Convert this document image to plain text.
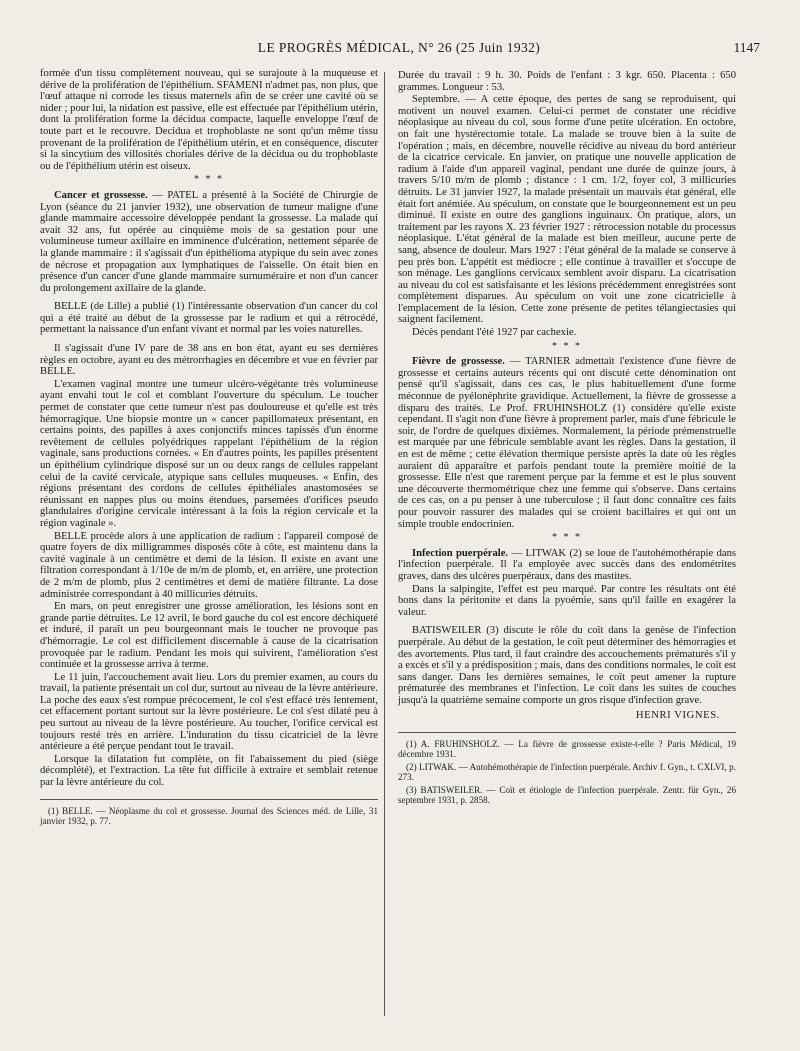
LE PROGRÈS MÉDICAL, N° 26 (25 Juin 1932)	1147

formée d'un tissu complètement nouveau, qui se surajoute à la muqueuse et dérive de la prolifération de l'épithélium. SFAMENI n'admet pas, non plus, que l'œuf attaque ni corrode les tissus maternels afin de se créer une cavité où se nider ; pour lui, la nidation est passive, elle est effectuée par l'épithélium utérin, dont la prolifération forme la décidua compacte, laquelle enveloppe l'œuf de toute part et le recouvre. Decidua et trophoblaste ne sont qu'un même tissu provenant de la prolifération de l'épithélium utérin, et en conséquence, discuter si la sincytium des villosités choriales dérive de la décidua ou du trophoblaste ou de l'épithélium utérin est oiseux.

* * *

Cancer et grossesse. — PATEL a présenté à la Société de Chirurgie de Lyon (séance du 21 janvier 1932), une observation de tumeur maligne d'une glande mammaire accessoire développée pendant la grossesse. La malade qui avait 32 ans, fut opérée au cinquième mois de sa gestation pour une volumineuse tumeur axillaire en imminence d'ulcération, nettement séparée de la glande mammaire : il s'agissait d'un épithélioma atypique du sein avec zones de nécrose et propagation aux lymphatiques de l'aisselle. On était bien en présence d'un cancer d'une glande mammaire surnuméraire et non d'un cancer du prolongement axillaire de la glande.

BELLE (de Lille) a publié (1) l'intéressante observation d'un cancer du col qui a été traité au début de la grossesse par le radium et qui a rétrocédé, permettant la naissance d'un enfant vivant et normal par les voies naturelles.

Il s'agissait d'une IV pare de 38 ans en bon état, ayant eu ses dernières règles en octobre, ayant eu des métrorrhagies en décembre et vue en février par BELLE.

L'examen vaginal montre une tumeur ulcéro-végétante très volumineuse ayant envahi tout le col et comblant l'ouverture du spéculum. Le toucher permet de constater que cette tumeur n'est pas douloureuse et qu'elle est très hémorragique. Une biopsie montre un « cancer papillomateux présentant, en certains points, des papilles à axes conjonctifs minces tapissés d'un énorme revêtement de cellules polyédriques rappelant l'épithélium de la région vaginale, sans productions cornées. « En d'autres points, les papilles présentent un épithélium cylindrique disposé sur un ou deux rangs de cellules rappelant celui de la cavité cervicale, atypique sans cellules muqueuses. « Enfin, des régions présentant des cordons de cellules épithéliales anastomosées se réunissant en nappes plus ou moins étendues, parsemées d'orifices pseudo glandulaires d'origine cervicale intéressant à la fois la région cervicale et la région vaginale ».

BELLE procède alors à une application de radium : l'appareil composé de quatre foyers de dix milligrammes disposés côte à côte, est maintenu dans la cavité vaginale à un centimètre et demi de la lésion. Il existe en avant une filtration correspondant à 1/10e de m/m de plomb, et, en arrière, une protection de 2 m/m de plomb, plus 2 centimètres et demi de matière filtrante. La dose administrée correspondant à 40 millicuries détruits.

En mars, on peut enregistrer une grosse amélioration, les lésions sont en grande partie détruites. Le 12 avril, le bord gauche du col est encore déchiqueté et induré, il paraît un peu bourgeonnant mais le toucher ne provoque pas d'hémorragie. Le col est difficilement discernable à cause de la cicatrisation provoquée par le radium. Pendant les mois qui suivirent, l'amélioration s'est continuée et la grossesse arriva à terme.

Le 11 juin, l'accouchement avait lieu. Lors du premier examen, au cours du travail, la patiente présentait un col dur, surtout au niveau de la lèvre antérieure. La poche des eaux s'est rompue précocement, le col s'est effacé très lentement, cet effacement portant surtout sur la lèvre postérieure. Le col s'est dilaté peu à peu surtout au niveau de la lèvre postérieure. Au toucher, l'orifice cervical est toujours resté très en arrière. L'induration du tissu cicatriciel de la lèvre antérieure a été perçue pendant tout le travail.

Lorsque la dilatation fut complète, on fit l'abaissement du pied (siège décomplété), et l'extraction. La tête fut difficile à extraire et semblait retenue par la lèvre antérieure du col.

(1) BELLE. — Néoplasme du col et grossesse. Journal des Sciences méd. de Lille, 31 janvier 1932, p. 77.

Durée du travail : 9 h. 30. Poids de l'enfant : 3 kgr. 650. Placenta : 650 grammes. Longueur : 53.

Septembre. — A cette époque, des pertes de sang se reproduisent, qui motivent un nouvel examen. Celui-ci permet de constater une récidive néoplasique au niveau du col, sous forme d'une petite ulcération. En octobre, on fait une hystérectomie totale. La malade se trouve bien à la suite de l'opération ; mais, en décembre, nouvelle récidive au niveau du bord antérieur de la cicatrice cervicale. En janvier, on pratique une nouvelle application de radium à l'aide d'un appareil vaginal, pendant une durée de quinze jours, à travers 5/10 m/m de plomb ; distance : 1 cm. 1/2, foyer col, 3 millicuries détruits. Le 31 janvier 1927, la malade présentait un mauvais état général, elle était fort anémiée. Au spéculum, on constate que le bourgeonnement est un peu diminué. Il existe en outre des ganglions inguinaux. On pratique, alors, un traitement par les rayons X. 23 février 1927 : rétrocession notable du processus néoplasique. L'état général de la malade est bien meilleur, aucune perte de sang, absence de douleur. Mars 1927 : l'état général de la malade se conserve à peu près bon. L'appétit est médiocre ; elle continue à travailler et s'occupe de son ménage. Les ganglions cervicaux semblent avoir disparu. La cicatrisation au niveau du col est satisfaisante et les lésions précédemment enregistrées sont complètement disparues. Au spéculum on voit une zone cicatricielle à l'emplacement de la lésion. Cette zone présente de petites télangiectasies qui saignent facilement.

Décès pendant l'été 1927 par cachexie.

* * *

Fièvre de grossesse. — TARNIER admettait l'existence d'une fièvre de grossesse et certains auteurs récents qui ont discuté cette dénomination ont pensé qu'il s'agissait, dans ces cas, le plus habituellement d'une forme méconnue de pyélonéphrite gravidique. Actuellement, la fièvre de grossesse a disparu des traités. Le Prof. FRUHINSHOLZ (1) considère qu'elle existe cependant. Il s'agit non d'une fièvre à proprement parler, mais d'une fébricule le soir, de l'ordre de quelques dixièmes. Normalement, la période prémenstruelle est marquée par une fébricule semblable avant les règles. Dans la gestation, il en est de même ; cette élévation thermique persiste après la date où les règles auraient dû apparaître et parfois pendant toute la première moitié de la grossesse. Elle n'est que rarement perçue par la femme et est le plus souvent une découverte thermométrique chez une femme qui s'observe. Dans certains de ces cas, on a pu penser à une tuberculose ; il faut donc connaître ces faits pour pouvoir rassurer des malades qui se croient bacillaires et qui ont un simple trouble endocrinien.

* * *

Infection puerpérale. — LITWAK (2) se loue de l'autohémothérapie dans l'infection puerpérale. Il l'a employée avec succès dans des endométrites graves, dans des ulcères puerpéraux, dans des mastites.

Dans la salpingite, l'effet est peu marqué. Par contre les résultats ont été bons dans la péritonite et dans la pyoémie, sans qu'il faille en exagérer la valeur.

BATISWEILER (3) discute le rôle du coït dans la genèse de l'infection puerpérale. Au début de la gestation, le coït peut déterminer des hémorragies et des avortements. Plus tard, il faut craindre des accouchements prématurés s'il y a excès et s'il y a prédisposition ; mais, dans des conditions normales, le coït est sans danger. Dans les dernières semaines, le coït peut amener la rupture prématurée des membranes et l'infection. Le coït dans les suites de couches jusqu'à la quatrième semaine comporte un gros risque d'infection grave.

HENRI VIGNES.

(1) A. FRUHINSHOLZ. — La fièvre de grossesse existe-t-elle ? Paris Médical, 19 décembre 1931.

(2) LITWAK. — Autohémothérapie de l'infection puerpérale. Archiv f. Gyn., t. CXLVI, p. 273.

(3) BATISWEILER. — Coït et étiologie de l'infection puerpérale. Zentr. für Gyn., 26 septembre 1931, p. 2858.
